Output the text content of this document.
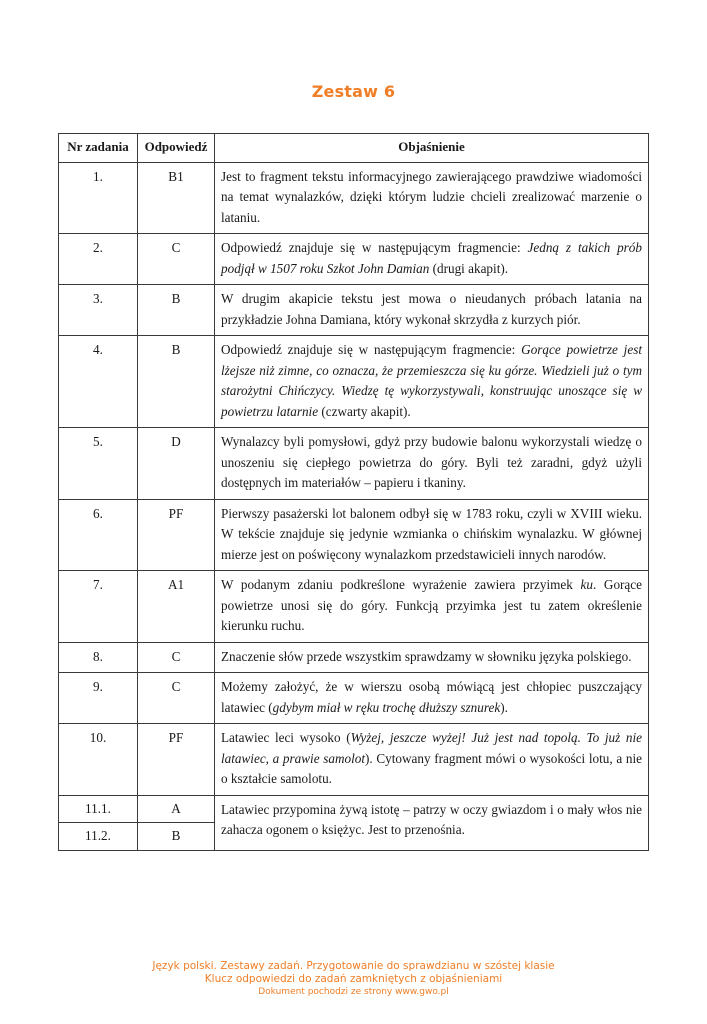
Zestaw 6
Nr zadania	Odpowiedź	Objaśnienie
1.	B1	Jest to fragment tekstu informacyjnego zawierającego prawdziwe wiadomości na temat wynalazków, dzięki którym ludzie chcieli zrealizować marzenie o lataniu.
2.	C	Odpowiedź znajduje się w następującym fragmencie: Jedną z takich prób podjął w 1507 roku Szkot John Damian (drugi akapit).
3.	B	W drugim akapicie tekstu jest mowa o nieudanych próbach latania na przykładzie Johna Damiana, który wykonał skrzydła z kurzych piór.
4.	B	Odpowiedź znajduje się w następującym fragmencie: Gorące powietrze jest lżejsze niż zimne, co oznacza, że przemieszcza się ku górze. Wiedzieli już o tym starożytni Chińczycy. Wiedzę tę wykorzystywali, konstruując unoszące się w powietrzu latarnie (czwarty akapit).
5.	D	Wynalazcy byli pomysłowi, gdyż przy budowie balonu wykorzystali wiedzę o unoszeniu się ciepłego powietrza do góry. Byli też zaradni, gdyż użyli dostępnych im materiałów – papieru i tkaniny.
6.	PF	Pierwszy pasażerski lot balonem odbył się w 1783 roku, czyli w XVIII wieku. W tekście znajduje się jedynie wzmianka o chińskim wynalazku. W głównej mierze jest on poświęcony wynalazkom przedstawicieli innych narodów.
7.	A1	W podanym zdaniu podkreślone wyrażenie zawiera przyimek ku. Gorące powietrze unosi się do góry. Funkcją przyimka jest tu zatem określenie kierunku ruchu.
8.	C	Znaczenie słów przede wszystkim sprawdzamy w słowniku języka polskiego.
9.	C	Możemy założyć, że w wierszu osobą mówiącą jest chłopiec puszczający latawiec (gdybym miał w ręku trochę dłuższy sznurek).
10.	PF	Latawiec leci wysoko (Wyżej, jeszcze wyżej! Już jest nad topolą. To już nie latawiec, a prawie samolot). Cytowany fragment mówi o wysokości lotu, a nie o kształcie samolotu.
11.1.	A	Latawiec przypomina żywą istotę – patrzy w oczy gwiazdom i o mały włos nie zahacza ogonem o księżyc. Jest to przenośnia.
11.2.	B	
Język polski. Zestawy zadań. Przygotowanie do sprawdzianu w szóstej klasie
Klucz odpowiedzi do zadań zamkniętych z objaśnieniami
Dokument pochodzi ze strony www.gwo.pl
